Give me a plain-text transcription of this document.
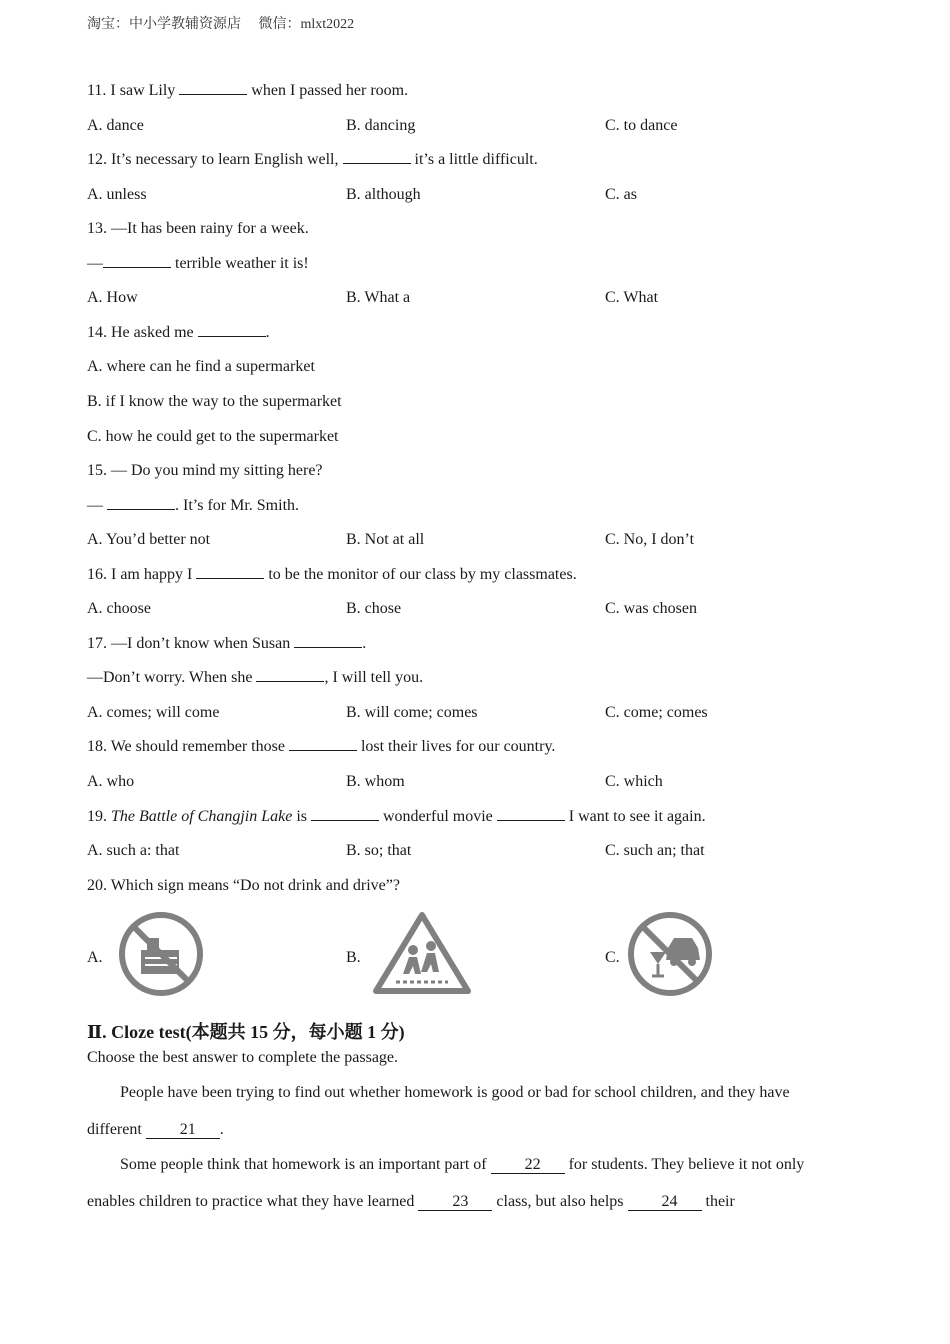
淘宝：中小学教辅资源店 微信：mlxt2022
11. I saw Lily	when I passed her room.
A. dance	B. dancing	C. to dance
12. It’s necessary to learn English well,	it’s a little difficult.
A. unless	B. although	C. as
13. —It has been rainy for a week.
—	terrible weather it is!
A. How	B. What a	C. What
14. He asked me	.
A. where can he find a supermarket
B. if I know the way to the supermarket
C. how he could get to the supermarket
15. — Do you mind my sitting here?
—	. It’s for Mr. Smith.
A. You’d better not	B. Not at all	C. No, I don’t
16. I am happy I	to be the monitor of our class by my classmates.
A. choose	B. chose	C. was chosen
17. —I don’t know when Susan	.
—Don’t worry. When she	, I will tell you.
A. comes; will come	B. will come; comes	C. come; comes
18. We should remember those	lost their lives for our country.
A. who	B. whom	C. which
19. The Battle of Changjin Lake is	wonderful movie	I want to see it again.
A. such a: that	B. so; that	C. such an; that
20. Which sign means “Do not drink and drive”?
A.	B.	C.
Ⅱ. Cloze test(本题共 15 分，每小题 1 分)
Choose the best answer to complete the passage.
People have been trying to find out whether homework is good or bad for school children, and they have
different 21 .
Some people think that homework is an important part of 22 for students. They believe it not only
enables children to practice what they have learned 23 class, but also helps 24 their
